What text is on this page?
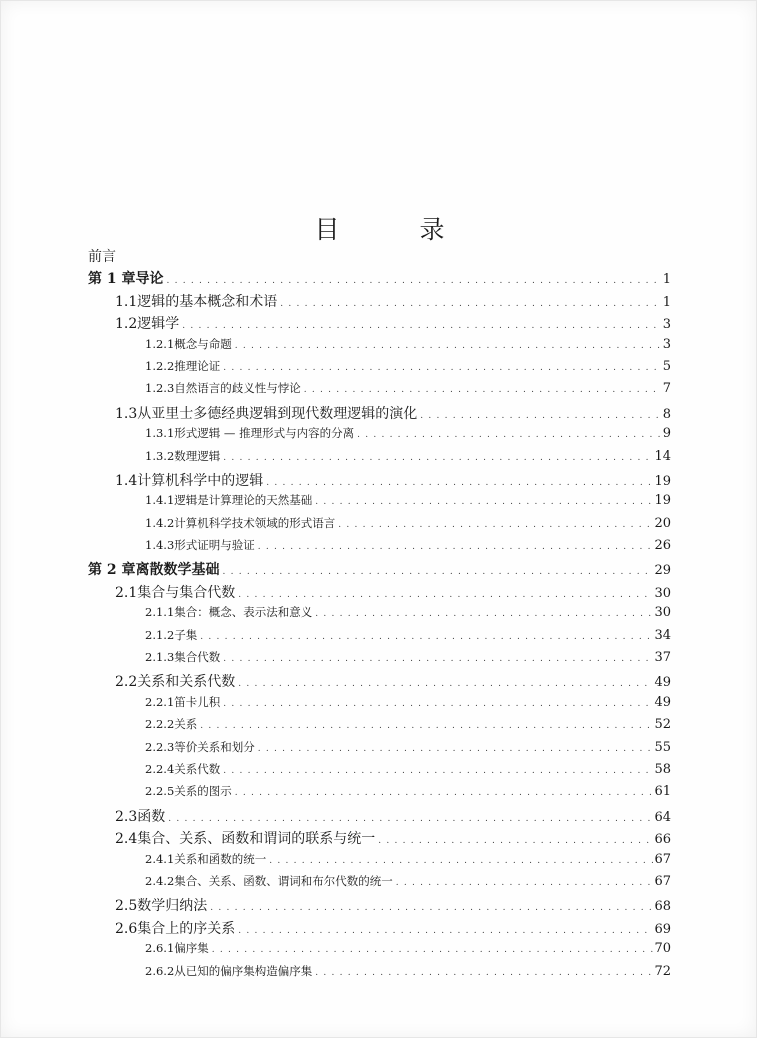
目 录
前言
第 1 章 导论 . . .	1
1.1 逻辑的基本概念和术语 . . .	1
1.2 逻辑学 . . .	3
1.2.1 概念与命题 . . .	3
1.2.2 推理论证 . . .	5
1.2.3 自然语言的歧义性与悖论 . . .	7
1.3 从亚里士多德经典逻辑到现代数理逻辑的演化 . . .	8
1.3.1 形式逻辑 — 推理形式与内容的分离 . . .	9
1.3.2 数理逻辑 . . .	14
1.4 计算机科学中的逻辑 . . .	19
1.4.1 逻辑是计算理论的天然基础 . . .	19
1.4.2 计算机科学技术领域的形式语言 . . .	20
1.4.3 形式证明与验证 . . .	26
第 2 章 离散数学基础 . . .	29
2.1 集合与集合代数 . . .	30
2.1.1 集合：概念、表示法和意义 . . .	30
2.1.2 子集 . . .	34
2.1.3 集合代数 . . .	37
2.2 关系和关系代数 . . .	49
2.2.1 笛卡儿积 . . .	49
2.2.2 关系 . . .	52
2.2.3 等价关系和划分 . . .	55
2.2.4 关系代数 . . .	58
2.2.5 关系的图示 . . .	61
2.3 函数 . . .	64
2.4 集合、关系、函数和谓词的联系与统一 . . .	66
2.4.1 关系和函数的统一 . . .	67
2.4.2 集合、关系、函数、谓词和布尔代数的统一 . . .	67
2.5 数学归纳法 . . .	68
2.6 集合上的序关系 . . .	69
2.6.1 偏序集 . . .	70
2.6.2 从已知的偏序集构造偏序集 . . .	72
